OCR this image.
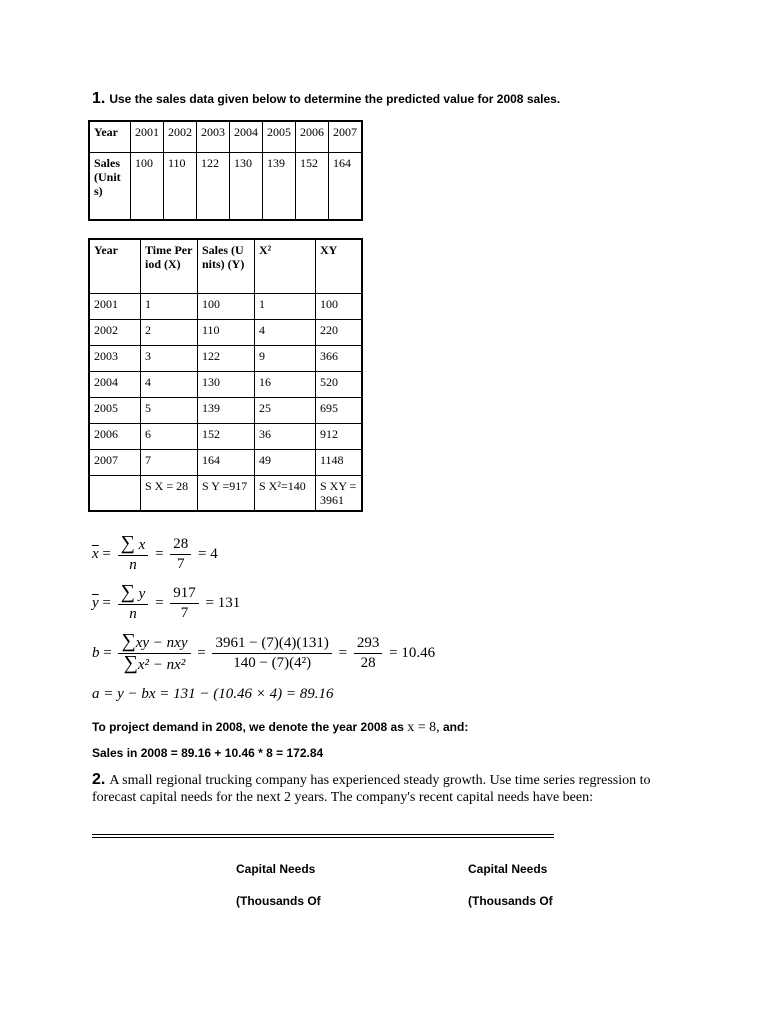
1. Use the sales data given below to determine the predicted value for 2008 sales.
Year	2001	2002	2003	2004	2005	2006	2007
Sales (Units)	100	110	122	130	139	152	164
Year	Time Period (X)	Sales (Units) (Y)	X²	XY
2001	1	100	1	100
2002	2	110	4	220
2003	3	122	9	366
2004	4	130	16	520
2005	5	139	25	695
2006	6	152	36	912
2007	7	164	49	1148
	S X = 28	S Y =917	S X²=140	S XY = 3961
$\overline{x} = \frac{\sum x}{n} = \frac{28}{7} = 4$
$\overline{y} = \frac{\sum y}{n} = \frac{917}{7} = 131$
$b = \frac{\text{∑xy − nxy}}{\text{∑x² − nx²}} = \frac{3961 - (7)(4)(131)}{\text{140 − (7)(4²)}} = \frac{293}{28} = 10.46$
a = y − bx = 131 − (10.46 × 4) = 89.16
To project demand in 2008, we denote the year 2008 as x = 8, and:
Sales in 2008 = 89.16 + 10.46 * 8 = 172.84
2. A small regional trucking company has experienced steady growth. Use time series regression to forecast capital needs for the next 2 years. The company's recent capital needs have been:
Capital Needs	Capital Needs
(Thousands Of	(Thousands Of
